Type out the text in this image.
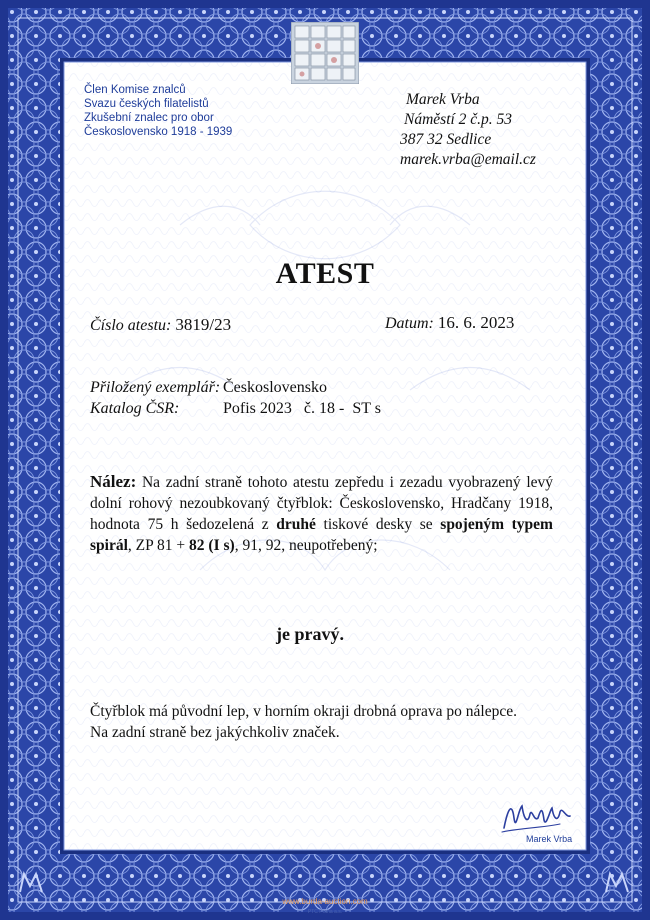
Člen Komise znalců
Svazu českých filatelistů
Zkušební znalec pro obor
Československo 1918 - 1939
Marek Vrba
Náměstí 2 č.p. 53
387 32 Sedlice
marek.vrba@email.cz
ATEST
Číslo atestu: 3819/23	Datum: 16. 6. 2023
Přiložený exemplář: Československo
Katalog ČSR:	Pofis 2023   č. 18 -  ST s
Nález: Na zadní straně tohoto atestu zepředu i zezadu vyobrazený levý dolní rohový nezoubkovaný čtyřblok: Československo, Hradčany 1918, hodnota 75 h šedozelená z druhé tiskové desky se spojeným typem spirál, ZP 81 + 82 (I s), 91, 92, neupotřebený;
je pravý.
Čtyřblok má původní lep, v horním okraji drobná oprava po nálepce. Na zadní straně bez jakýchkoliv značek.
Marek Vrba
www.burda-auction.com
PTC Praha a.s.
